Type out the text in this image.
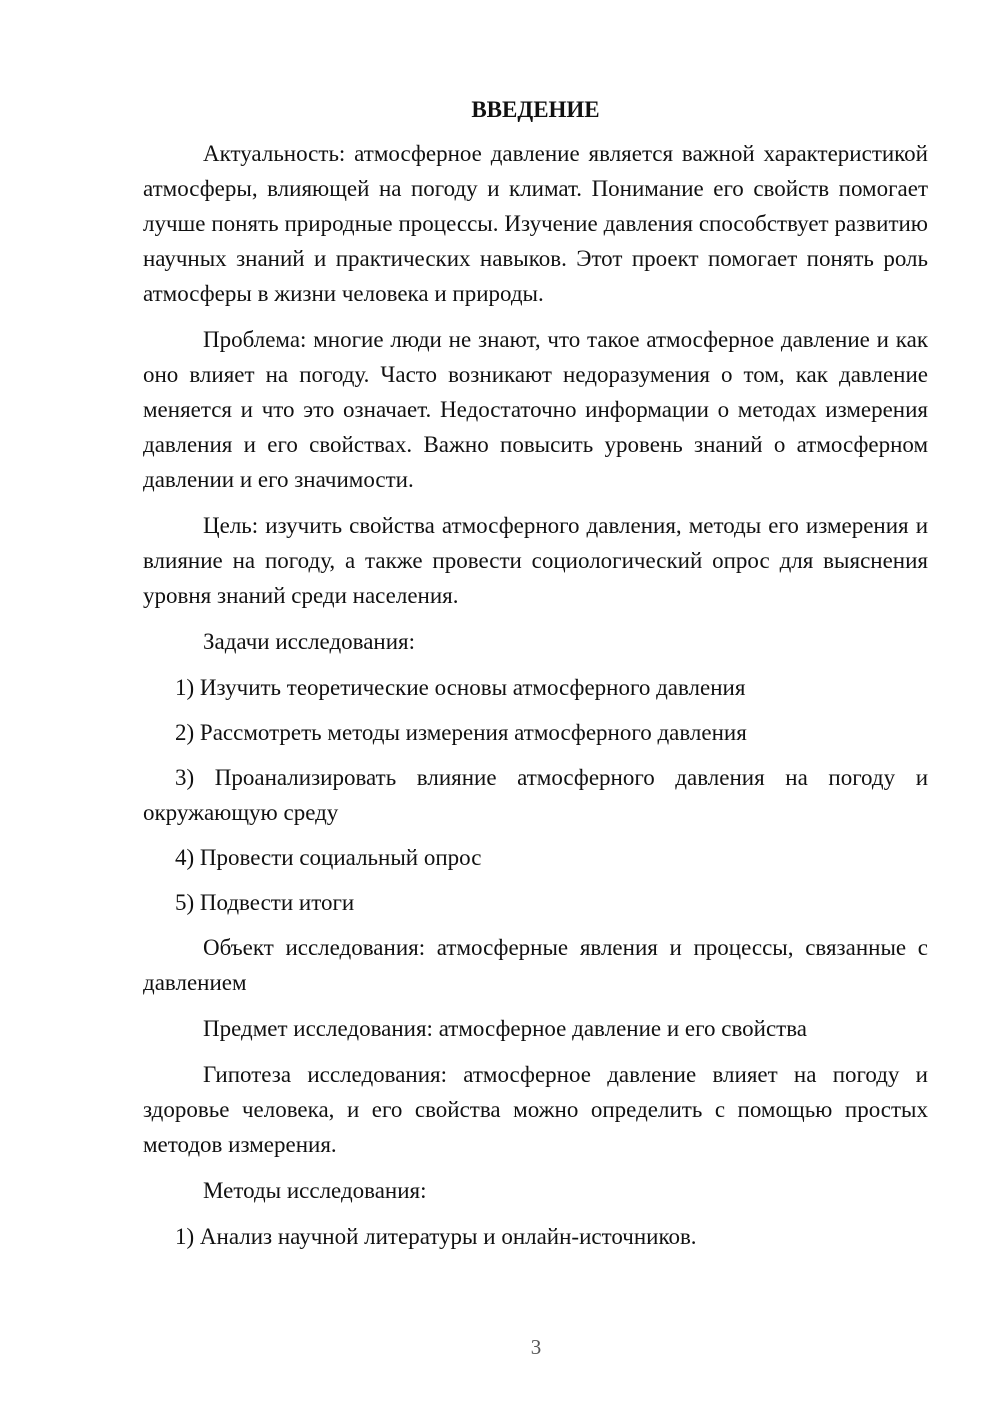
ВВЕДЕНИЕ

Актуальность: атмосферное давление является важной характеристикой атмосферы, влияющей на погоду и климат. Понимание его свойств помогает лучше понять природные процессы. Изучение давления способствует развитию научных знаний и практических навыков. Этот проект помогает понять роль атмосферы в жизни человека и природы.

Проблема: многие люди не знают, что такое атмосферное давление и как оно влияет на погоду. Часто возникают недоразумения о том, как давление меняется и что это означает. Недостаточно информации о методах измерения давления и его свойствах. Важно повысить уровень знаний о атмосферном давлении и его значимости.

Цель: изучить свойства атмосферного давления, методы его измерения и влияние на погоду, а также провести социологический опрос для выяснения уровня знаний среди населения.

Задачи исследования:

1) Изучить теоретические основы атмосферного давления

2) Рассмотреть методы измерения атмосферного давления

3) Проанализировать влияние атмосферного давления на погоду и окружающую среду

4) Провести социальный опрос

5) Подвести итоги

Объект исследования: атмосферные явления и процессы, связанные с давлением

Предмет исследования: атмосферное давление и его свойства

Гипотеза исследования: атмосферное давление влияет на погоду и здоровье человека, и его свойства можно определить с помощью простых методов измерения.

Методы исследования:

1) Анализ научной литературы и онлайн-источников.

3
